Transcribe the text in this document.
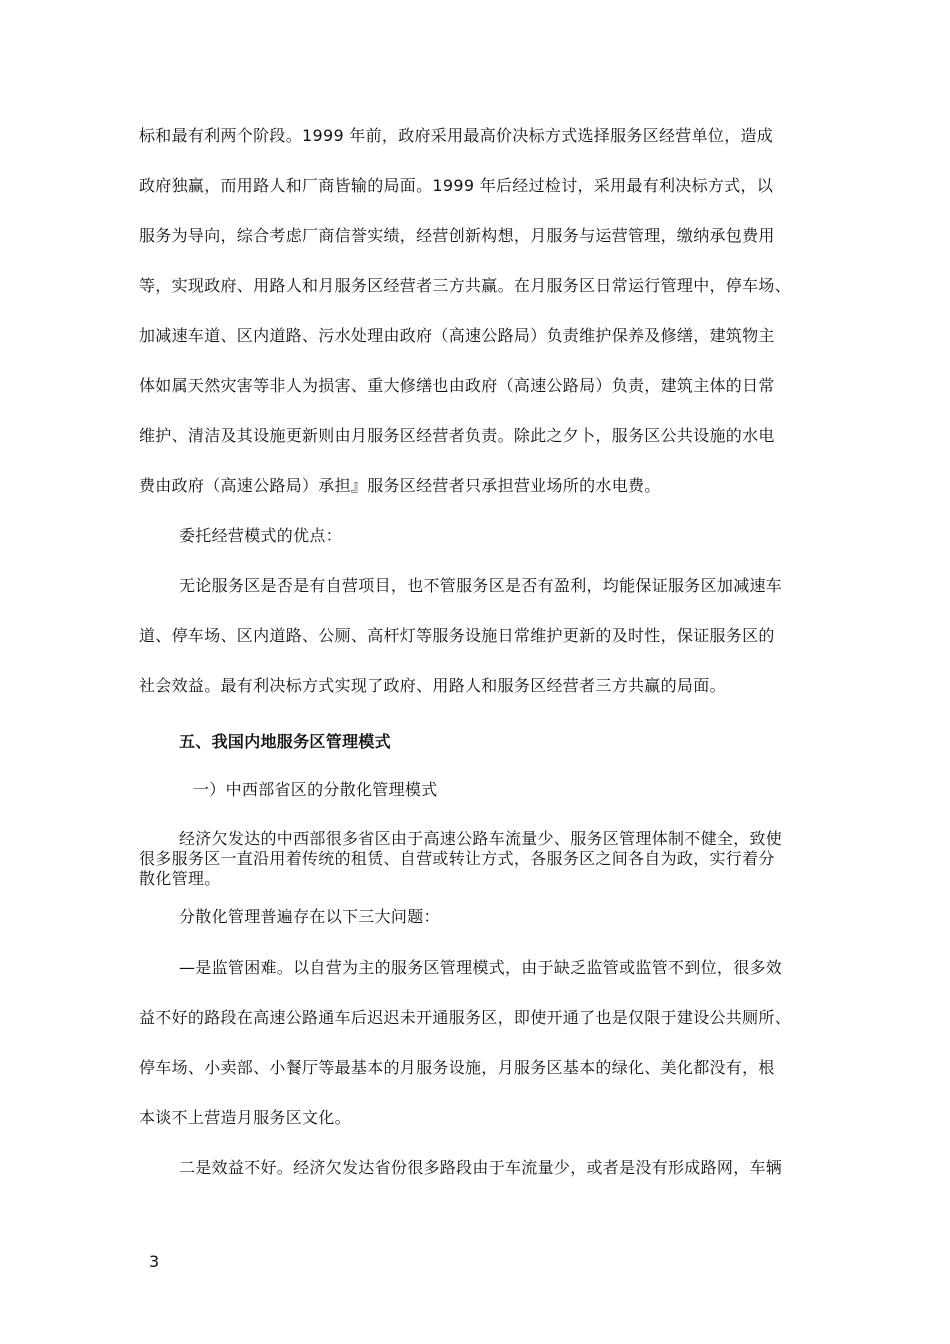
标和最有利两个阶段。1999 年前，政府采用最高价决标方式选择服务区经营单位，造成
政府独赢，而用路人和厂商皆输的局面。1999 年后经过检讨，采用最有利决标方式，以
服务为导向，综合考虑厂商信誉实绩，经营创新构想，月服务与运营管理，缴纳承包费用
等，实现政府、用路人和月服务区经营者三方共赢。在月服务区日常运行管理中，停车场、
加减速车道、区内道路、污水处理由政府（高速公路局）负责维护保养及修缮，建筑物主
体如属天然灾害等非人为损害、重大修缮也由政府（高速公路局）负责，建筑主体的日常
维护、清洁及其设施更新则由月服务区经营者负责。除此之夕卜，服务区公共设施的水电
费由政府（高速公路局）承担』服务区经营者只承担营业场所的水电费。
委托经营模式的优点：
无论服务区是否是有自营项目，也不管服务区是否有盈利，均能保证服务区加减速车
道、停车场、区内道路、公厕、高杆灯等服务设施日常维护更新的及时性，保证服务区的
社会效益。最有利决标方式实现了政府、用路人和服务区经营者三方共赢的局面。
五、我国内地服务区管理模式
一）中西部省区的分散化管理模式
经济欠发达的中西部很多省区由于高速公路车流量少、服务区管理体制不健全，致使
很多服务区一直沿用着传统的租赁、自营或转让方式，各服务区之间各自为政，实行着分
散化管理。
分散化管理普遍存在以下三大问题：
—是监管困难。以自营为主的服务区管理模式，由于缺乏监管或监管不到位，很多效
益不好的路段在高速公路通车后迟迟未开通服务区，即使开通了也是仅限于建设公共厕所、
停车场、小卖部、小餐厅等最基本的月服务设施，月服务区基本的绿化、美化都没有，根
本谈不上营造月服务区文化。
二是效益不好。经济欠发达省份很多路段由于车流量少，或者是没有形成路网，车辆
3
